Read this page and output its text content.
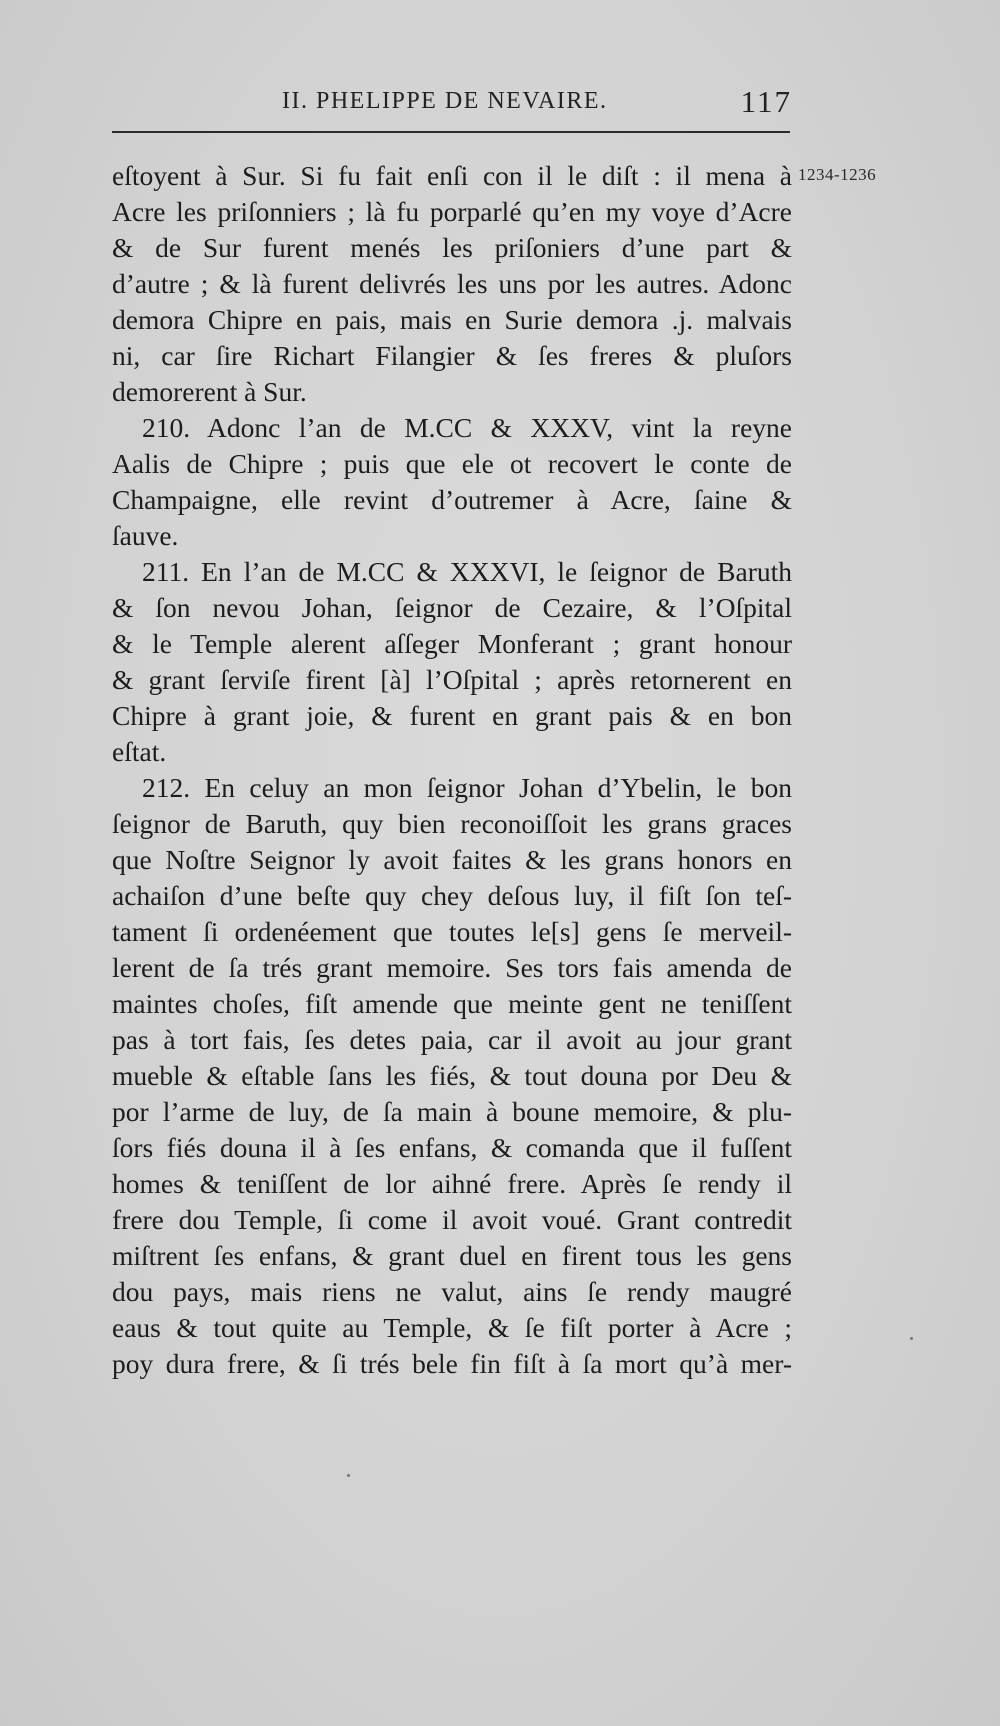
II. PHELIPPE DE NEVAIRE.	117
1234-1236
eſtoyent à Sur. Si fu fait enſi con il le diſt : il mena à
Acre les priſonniers ; là fu porparlé qu’en my voye d’Acre
& de Sur furent menés les priſoniers d’une part &
d’autre ; & là furent delivrés les uns por les autres. Adonc
demora Chipre en pais, mais en Surie demora .j. malvais
ni, car ſire Richart Filangier & ſes freres & pluſors
demorerent à Sur.
210. Adonc l’an de M.CC & XXXV, vint la reyne
Aalis de Chipre ; puis que ele ot recovert le conte de
Champaigne, elle revint d’outremer à Acre, ſaine &
ſauve.
211. En l’an de M.CC & XXXVI, le ſeignor de Baruth
& ſon nevou Johan, ſeignor de Cezaire, & l’Oſpital
& le Temple alerent aſſeger Monferant ; grant honour
& grant ſerviſe firent [à] l’Oſpital ; après retornerent en
Chipre à grant joie, & furent en grant pais & en bon
eſtat.
212. En celuy an mon ſeignor Johan d’Ybelin, le bon
ſeignor de Baruth, quy bien reconoiſſoit les grans graces
que Noſtre Seignor ly avoit faites & les grans honors en
achaiſon d’une beſte quy chey deſous luy, il fiſt ſon teſ-
tament ſi ordenéement que toutes le[s] gens ſe merveil-
lerent de ſa trés grant memoire. Ses tors fais amenda de
maintes choſes, fiſt amende que meinte gent ne teniſſent
pas à tort fais, ſes detes paia, car il avoit au jour grant
mueble & eſtable ſans les fiés, & tout douna por Deu &
por l’arme de luy, de ſa main à boune memoire, & plu-
ſors fiés douna il à ſes enfans, & comanda que il fuſſent
homes & teniſſent de lor aihné frere. Après ſe rendy il
frere dou Temple, ſi come il avoit voué. Grant contredit
miſtrent ſes enfans, & grant duel en firent tous les gens
dou pays, mais riens ne valut, ains ſe rendy maugré
eaus & tout quite au Temple, & ſe fiſt porter à Acre ;
poy dura frere, & ſi trés bele fin fiſt à ſa mort qu’à mer-
